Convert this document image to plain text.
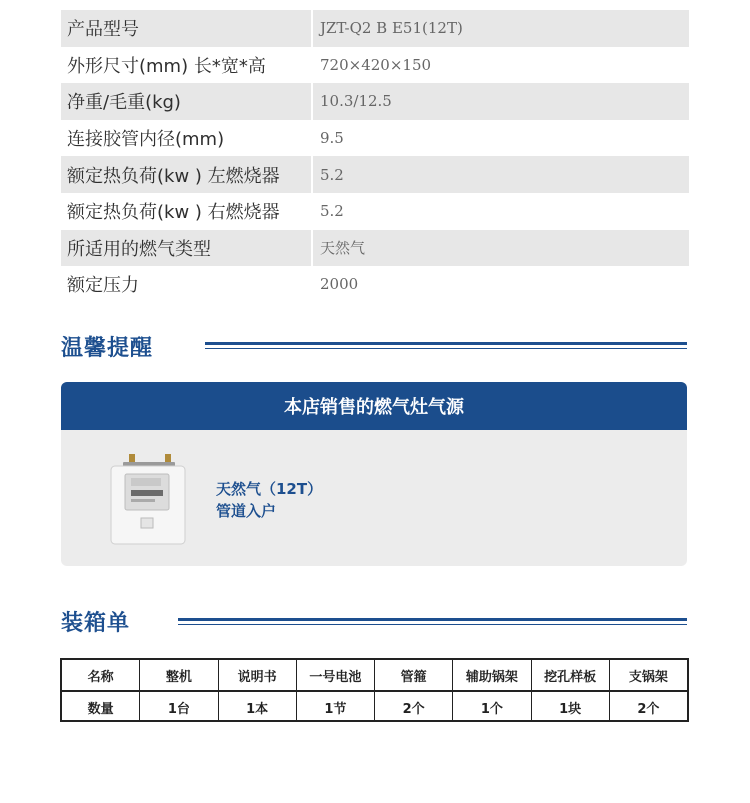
产品型号	JZT-Q2 B E51(12T)
外形尺寸(mm) 长*宽*高	720×420×150
净重/毛重(kg)	10.3/12.5
连接胶管内径(mm)	9.5
额定热负荷(kw ) 左燃烧器	5.2
额定热负荷(kw ) 右燃烧器	5.2
所适用的燃气类型	天然气
额定压力	2000
温馨提醒
本店销售的燃气灶气源
天然气（12T）
管道入户
装箱单
名称	整机	说明书	一号电池	管箍	辅助锅架	挖孔样板	支锅架
数量	1台	1本	1节	2个	1个	1块	2个
